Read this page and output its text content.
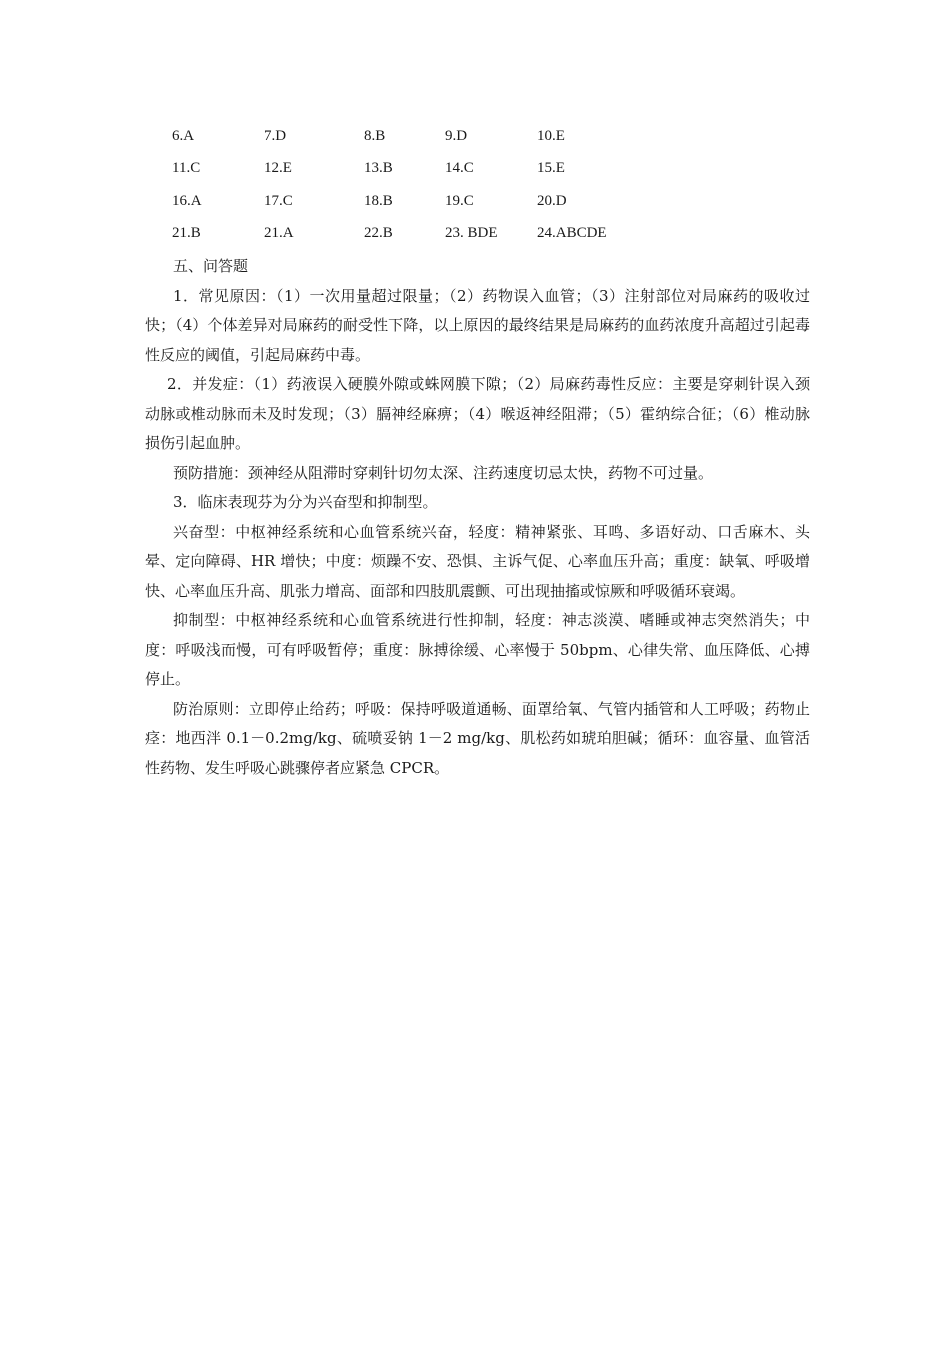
6.A	7.D	8.B	9.D	10.E
11.C	12.E	13.B	14.C	15.E
16.A	17.C	18.B	19.C	20.D
21.B	21.A	22.B	23. BDE	24.ABCDE

五、问答题

1．常见原因：（1）一次用量超过限量；（2）药物误入血管；（3）注射部位对局麻药的吸收过快；（4）个体差异对局麻药的耐受性下降，以上原因的最终结果是局麻药的血药浓度升高超过引起毒性反应的阈值，引起局麻药中毒。

2．并发症：（1）药液误入硬膜外隙或蛛网膜下隙；（2）局麻药毒性反应：主要是穿刺针误入颈动脉或椎动脉而未及时发现；（3）膈神经麻痹；（4）喉返神经阻滞；（5）霍纳综合征；（6）椎动脉损伤引起血肿。

预防措施：颈神经从阻滞时穿刺针切勿太深、注药速度切忌太快，药物不可过量。

3．临床表现芬为分为兴奋型和抑制型。

兴奋型：中枢神经系统和心血管系统兴奋，轻度：精神紧张、耳鸣、多语好动、口舌麻木、头晕、定向障碍、HR 增快；中度：烦躁不安、恐惧、主诉气促、心率血压升高；重度：缺氧、呼吸增快、心率血压升高、肌张力增高、面部和四肢肌震颤、可出现抽搐或惊厥和呼吸循环衰竭。

抑制型：中枢神经系统和心血管系统进行性抑制，轻度：神志淡漠、嗜睡或神志突然消失；中度：呼吸浅而慢，可有呼吸暂停；重度：脉搏徐缓、心率慢于 50bpm、心律失常、血压降低、心搏停止。

防治原则：立即停止给药；呼吸：保持呼吸道通畅、面罩给氧、气管内插管和人工呼吸；药物止痉：地西泮 0.1－0.2mg/kg、硫喷妥钠 1－2 mg/kg、肌松药如琥珀胆碱；循环：血容量、血管活性药物、发生呼吸心跳骤停者应紧急 CPCR。
